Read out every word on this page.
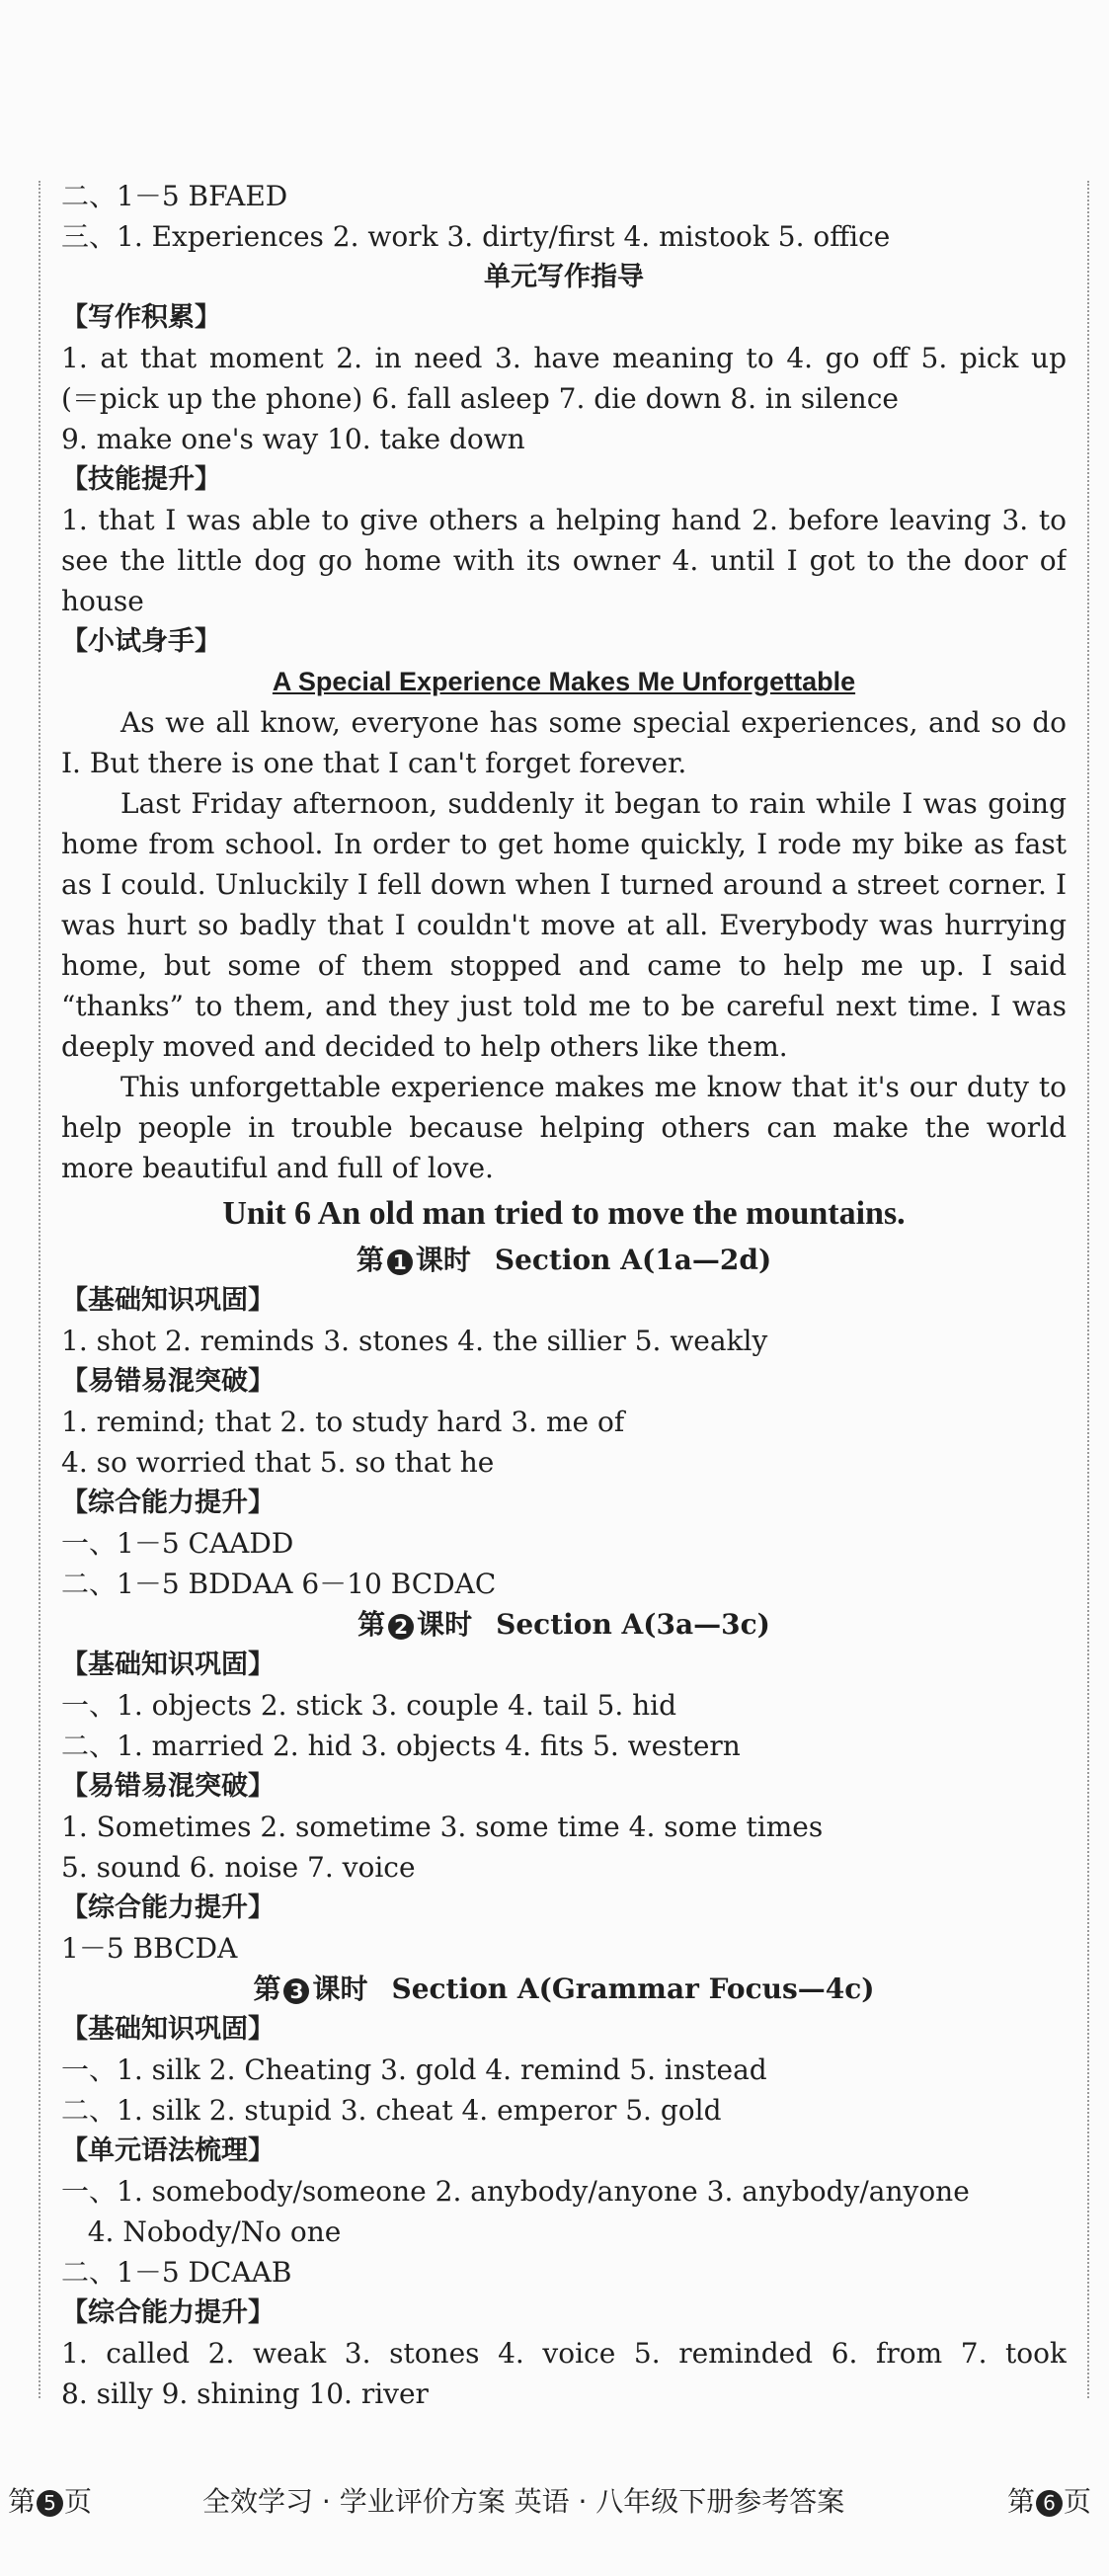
二、1－5 BFAED
三、1. Experiences 2. work 3. dirty/first 4. mistook 5. office
单元写作指导
【写作积累】
1. at that moment 2. in need 3. have meaning to 4. go off 5. pick up
(＝pick up the phone) 6. fall asleep 7. die down 8. in silence
9. make one's way 10. take down
【技能提升】
1. that I was able to give others a helping hand 2. before leaving 3. to
see the little dog go home with its owner 4. until I got to the door of
house
【小试身手】
A Special Experience Makes Me Unforgettable

As we all know, everyone has some special experiences, and so do I. But there is one that I can't forget forever.

Last Friday afternoon, suddenly it began to rain while I was going home from school. In order to get home quickly, I rode my bike as fast as I could. Unluckily I fell down when I turned around a street corner. I was hurt so badly that I couldn't move at all. Everybody was hurrying home, but some of them stopped and came to help me up. I said “thanks” to them, and they just told me to be careful next time. I was deeply moved and decided to help others like them.

This unforgettable experience makes me know that it's our duty to help people in trouble because helping others can make the world more beautiful and full of love.

Unit 6 An old man tried to move the mountains.
第 1 课时 Section A(1a—2d)
【基础知识巩固】
1. shot 2. reminds 3. stones 4. the sillier 5. weakly
【易错易混突破】
1. remind; that 2. to study hard 3. me of
4. so worried that 5. so that he
【综合能力提升】
一、1－5 CAADD
二、1－5 BDDAA 6－10 BCDAC
第 2 课时 Section A(3a—3c)
【基础知识巩固】
一、1. objects 2. stick 3. couple 4. tail 5. hid
二、1. married 2. hid 3. objects 4. fits 5. western
【易错易混突破】
1. Sometimes 2. sometime 3. some time 4. some times
5. sound 6. noise 7. voice
【综合能力提升】
1－5 BBCDA
第 3 课时 Section A(Grammar Focus—4c)
【基础知识巩固】
一、1. silk 2. Cheating 3. gold 4. remind 5. instead
二、1. silk 2. stupid 3. cheat 4. emperor 5. gold
【单元语法梳理】
一、1. somebody/someone 2. anybody/anyone 3. anybody/anyone
4. Nobody/No one
二、1－5 DCAAB
【综合能力提升】
1. called 2. weak 3. stones 4. voice 5. reminded 6. from 7. took
8. silly 9. shining 10. river
第 5 页	全效学习 · 学业评价方案 英语 · 八年级下册参考答案	第 6 页
